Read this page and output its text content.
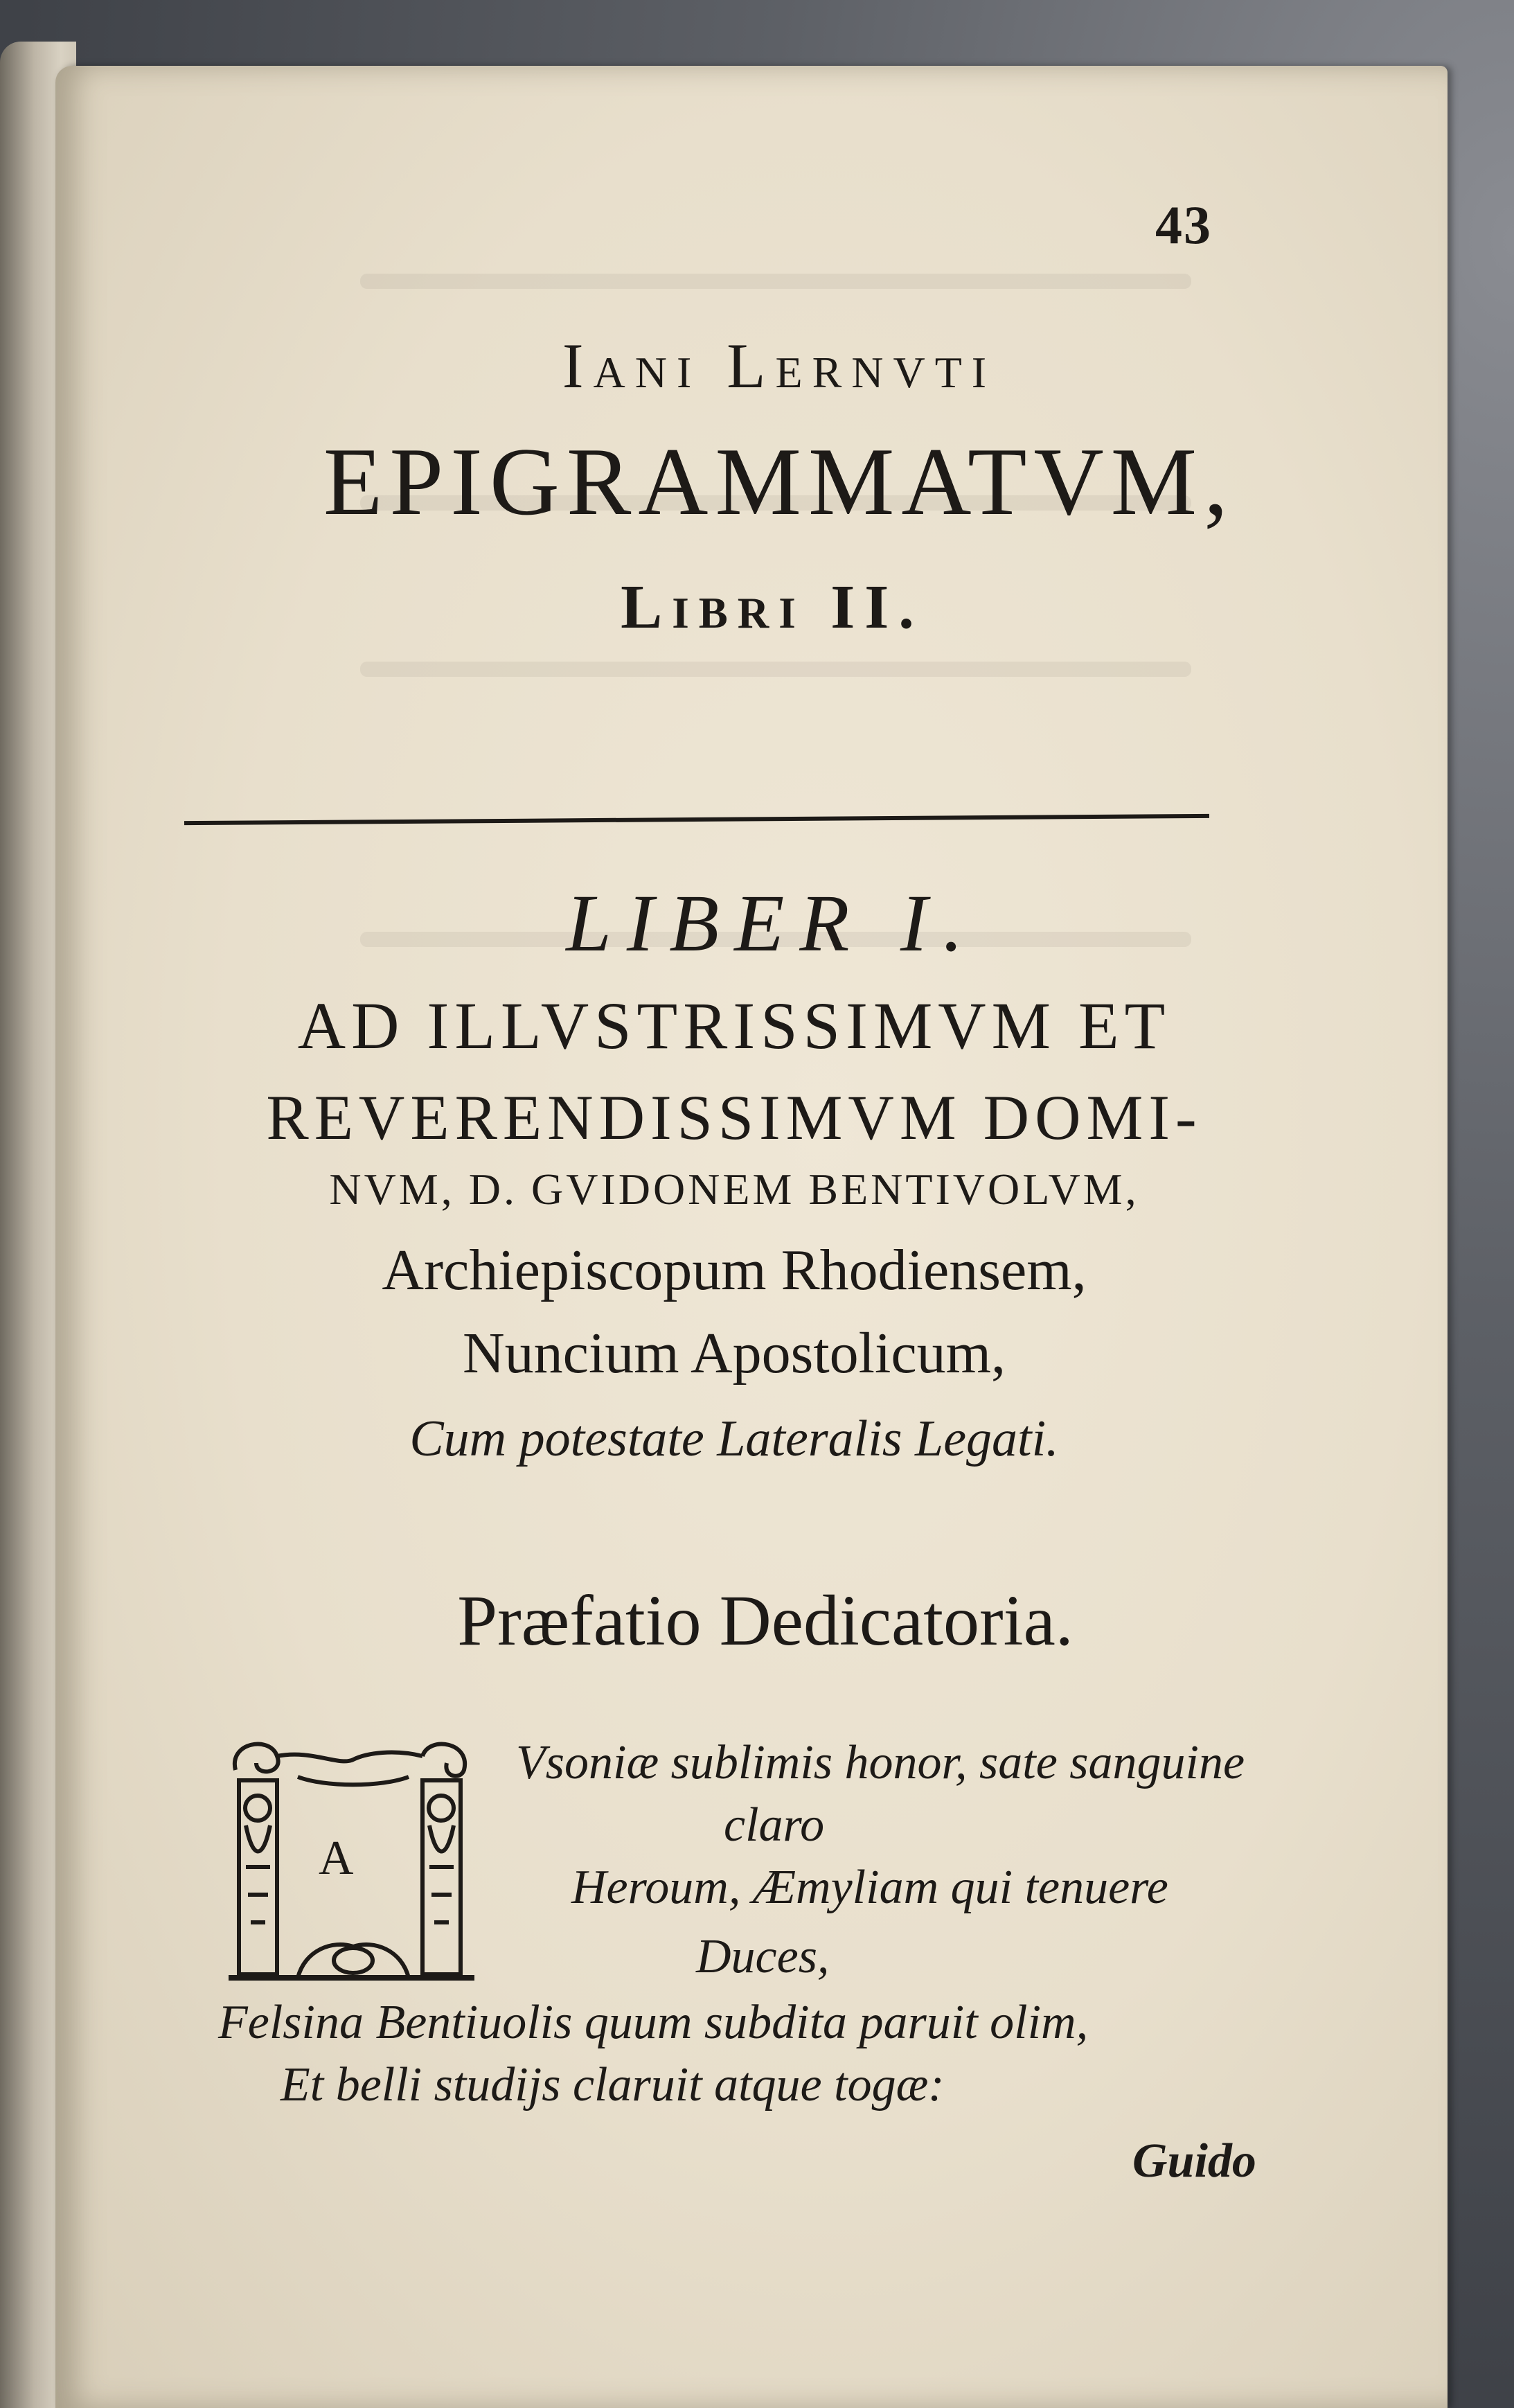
43
Iani Lernvti
EPIGRAMMATVM,
Libri II.
LIBER I.
AD ILLVSTRISSIMVM ET
REVERENDISSIMVM DOMI-
NVM, D. GVIDONEM BENTIVOLVM,
Archiepiscopum Rhodiensem,
Nuncium Apostolicum,
Cum potestate Lateralis Legati.
Præfatio Dedicatoria.
A
Vsoniæ sublimis honor, sate sanguine
claro
Heroum, Æmyliam qui tenuere
Duces,
Felsina Bentiuolis quum subdita paruit olim,
Et belli studijs claruit atque togæ:
Guido
